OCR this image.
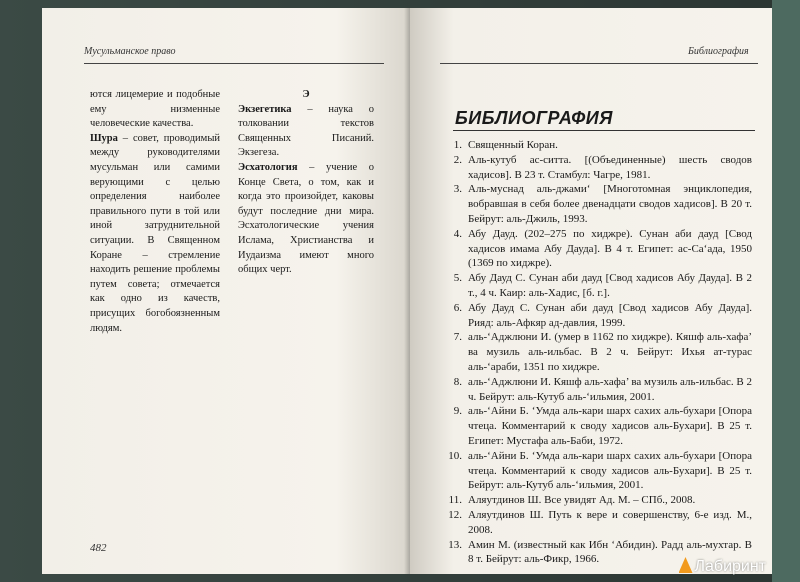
Мусульманское право

ются лицемерие и подобные ему низменные человеческие качества.

Шура – совет, проводимый между руководителями мусульман или самими верующими с целью определения наиболее правильного пути в той или иной затруднительной ситуации. В Священном Коране – стремление находить решение проблемы путем совета; отмечается как одно из качеств, присущих богобоязненным людям.

Э

Экзегетика – наука о толковании текстов Священных Писаний. Экзегеза.

Эсхатология – учение о Конце Света, о том, как и когда это произойдет, каковы будут последние дни мира. Эсхатологические учения Ислама, Христианства и Иудаизма имеют много общих черт.

482
Библиография
БИБЛИОГРАФИЯ
1. Священный Коран.
2. Аль-кутуб ас-ситта. [(Объединенные) шесть сводов хадисов]. В 23 т. Стамбул: Чагре, 1981.
3. Аль-муснад аль-джами‘ [Многотомная энциклопедия, вобравшая в себя более двенадцати сводов хадисов]. В 20 т. Бейрут: аль-Джиль, 1993.
4. Абу Дауд. (202–275 по хиджре). Сунан аби дауд [Свод хадисов имама Абу Дауда]. В 4 т. Египет: ас-Са‘ада, 1950 (1369 по хиджре).
5. Абу Дауд С. Сунан аби дауд [Свод хадисов Абу Дауда]. В 2 т., 4 ч. Каир: аль-Хадис, [б. г.].
6. Абу Дауд С. Сунан аби дауд [Свод хадисов Абу Дауда]. Рияд: аль-Афкяр ад-давлия, 1999.
7. аль-‘Аджлюни И. (умер в 1162 по хиджре). Кяшф аль-хафа’ ва музиль аль-ильбас. В 2 ч. Бейрут: Ихья ат-турас аль-‘араби, 1351 по хиджре.
8. аль-‘Аджлюни И. Кяшф аль-хафа’ ва музиль аль-ильбас. В 2 ч. Бейрут: аль-Кутуб аль-‘ильмия, 2001.
9. аль-‘Айни Б. ‘Умда аль-кари шарх сахих аль-бухари [Опора чтеца. Комментарий к своду хадисов аль-Бухари]. В 25 т. Египет: Мустафа аль-Баби, 1972.
10. аль-‘Айни Б. ‘Умда аль-кари шарх сахих аль-бухари [Опора чтеца. Комментарий к своду хадисов аль-Бухари]. В 25 т. Бейрут: аль-Кутуб аль-‘ильмия, 2001.
11. Аляутдинов Ш. Все увидят Ад. М. – СПб., 2008.
12. Аляутдинов Ш. Путь к вере и совершенству, 6-е изд. М., 2008.
13. Амин М. (известный как Ибн ‘Абидин). Радд аль-мухтар. В 8 т. Бейрут: аль-Фикр, 1966.	Лабиринт
